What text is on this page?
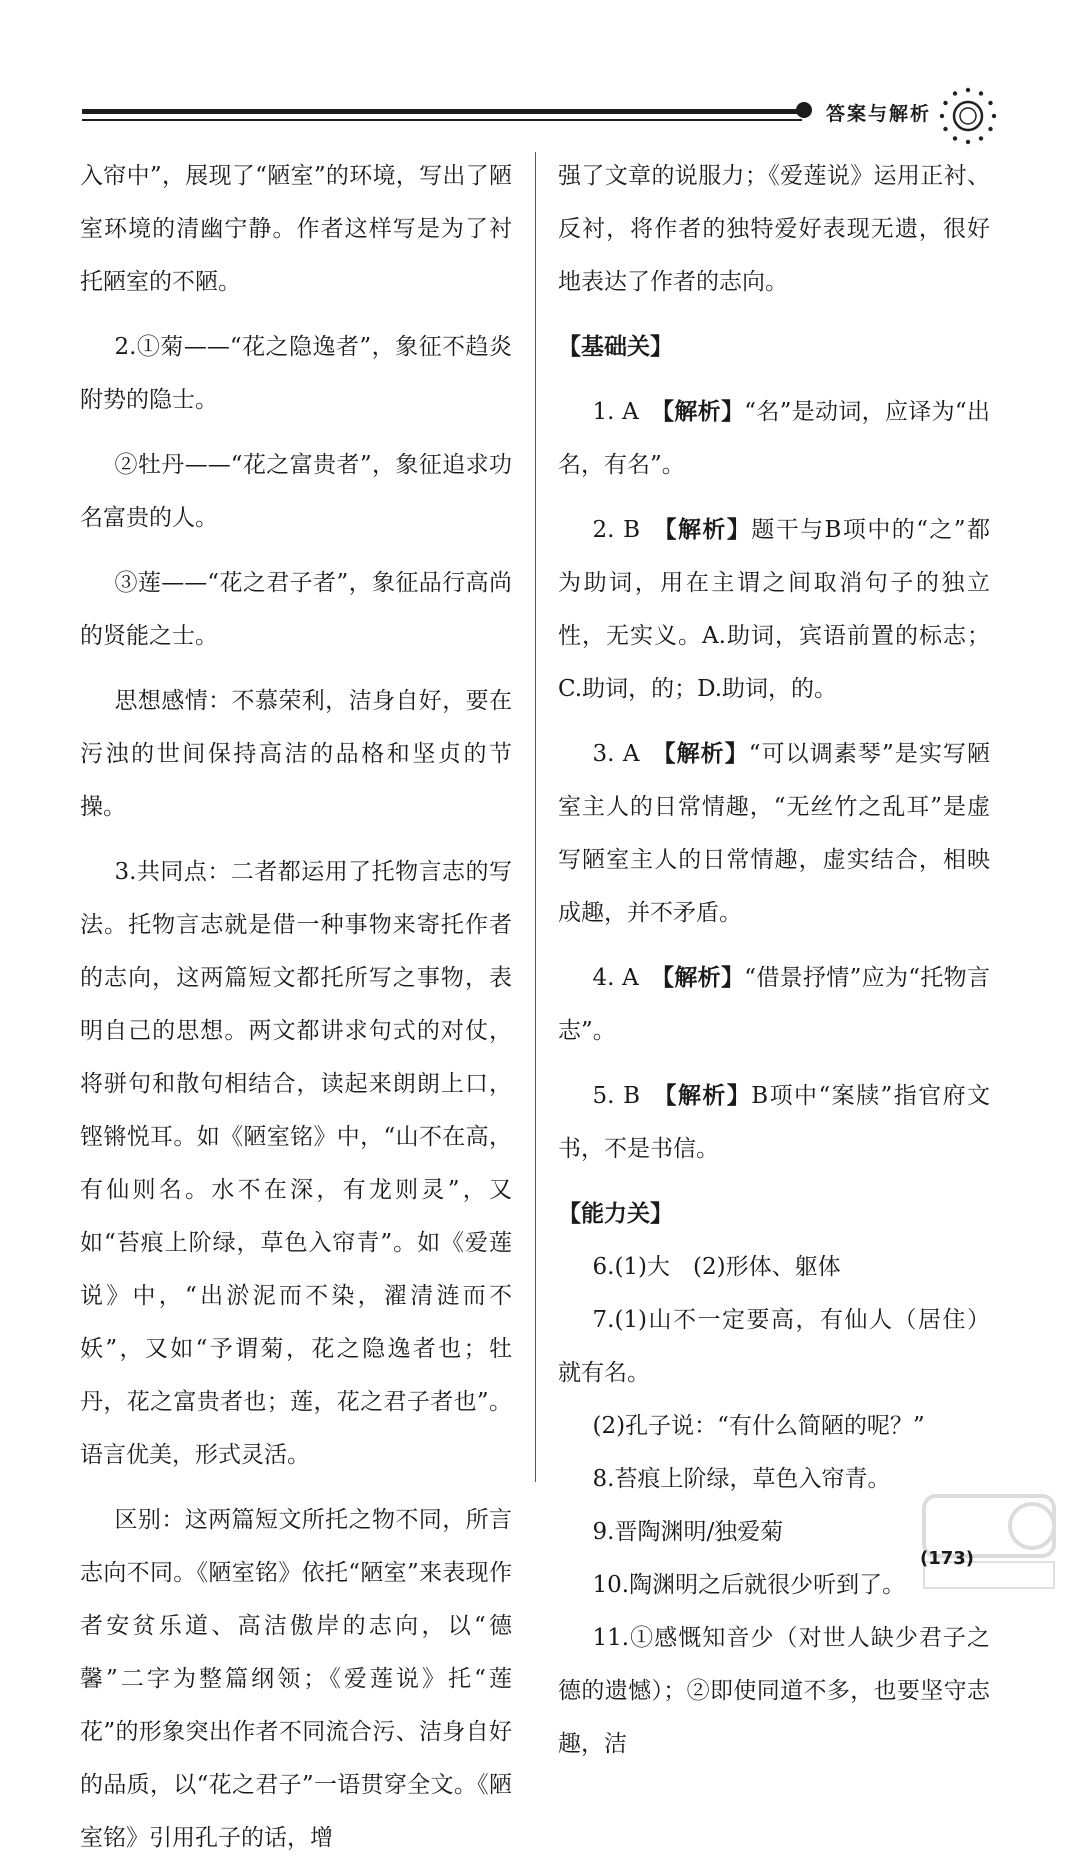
答案与解析

入帘中”，展现了“陋室”的环境，写出了陋室环境的清幽宁静。作者这样写是为了衬托陋室的不陋。

2.①菊——“花之隐逸者”，象征不趋炎附势的隐士。

②牡丹——“花之富贵者”，象征追求功名富贵的人。

③莲——“花之君子者”，象征品行高尚的贤能之士。

思想感情：不慕荣利，洁身自好，要在污浊的世间保持高洁的品格和坚贞的节操。

3.共同点：二者都运用了托物言志的写法。托物言志就是借一种事物来寄托作者的志向，这两篇短文都托所写之事物，表明自己的思想。两文都讲求句式的对仗，将骈句和散句相结合，读起来朗朗上口，铿锵悦耳。如《陋室铭》中，“山不在高，有仙则名。水不在深，有龙则灵”，又如“苔痕上阶绿，草色入帘青”。如《爱莲说》中，“出淤泥而不染，濯清涟而不妖”，又如“予谓菊，花之隐逸者也；牡丹，花之富贵者也；莲，花之君子者也”。语言优美，形式灵活。

区别：这两篇短文所托之物不同，所言志向不同。《陋室铭》依托“陋室”来表现作者安贫乐道、高洁傲岸的志向，以“德馨”二字为整篇纲领；《爱莲说》托“莲花”的形象突出作者不同流合污、洁身自好的品质，以“花之君子”一语贯穿全文。《陋室铭》引用孔子的话，增

强了文章的说服力；《爱莲说》运用正衬、反衬，将作者的独特爱好表现无遗，很好地表达了作者的志向。

【基础关】

1. A 【解析】“名”是动词，应译为“出名，有名”。

2. B 【解析】题干与B项中的“之”都为助词，用在主谓之间取消句子的独立性，无实义。A.助词，宾语前置的标志；C.助词，的；D.助词，的。

3. A 【解析】“可以调素琴”是实写陋室主人的日常情趣，“无丝竹之乱耳”是虚写陋室主人的日常情趣，虚实结合，相映成趣，并不矛盾。

4. A 【解析】“借景抒情”应为“托物言志”。

5. B 【解析】B项中“案牍”指官府文书，不是书信。

【能力关】

6.(1)大　(2)形体、躯体

7.(1)山不一定要高，有仙人（居住）就有名。

(2)孔子说：“有什么简陋的呢？”

8.苔痕上阶绿，草色入帘青。

9.晋陶渊明/独爱菊

10.陶渊明之后就很少听到了。

11.①感慨知音少（对世人缺少君子之德的遗憾）；②即使同道不多，也要坚守志趣，洁

(173)
